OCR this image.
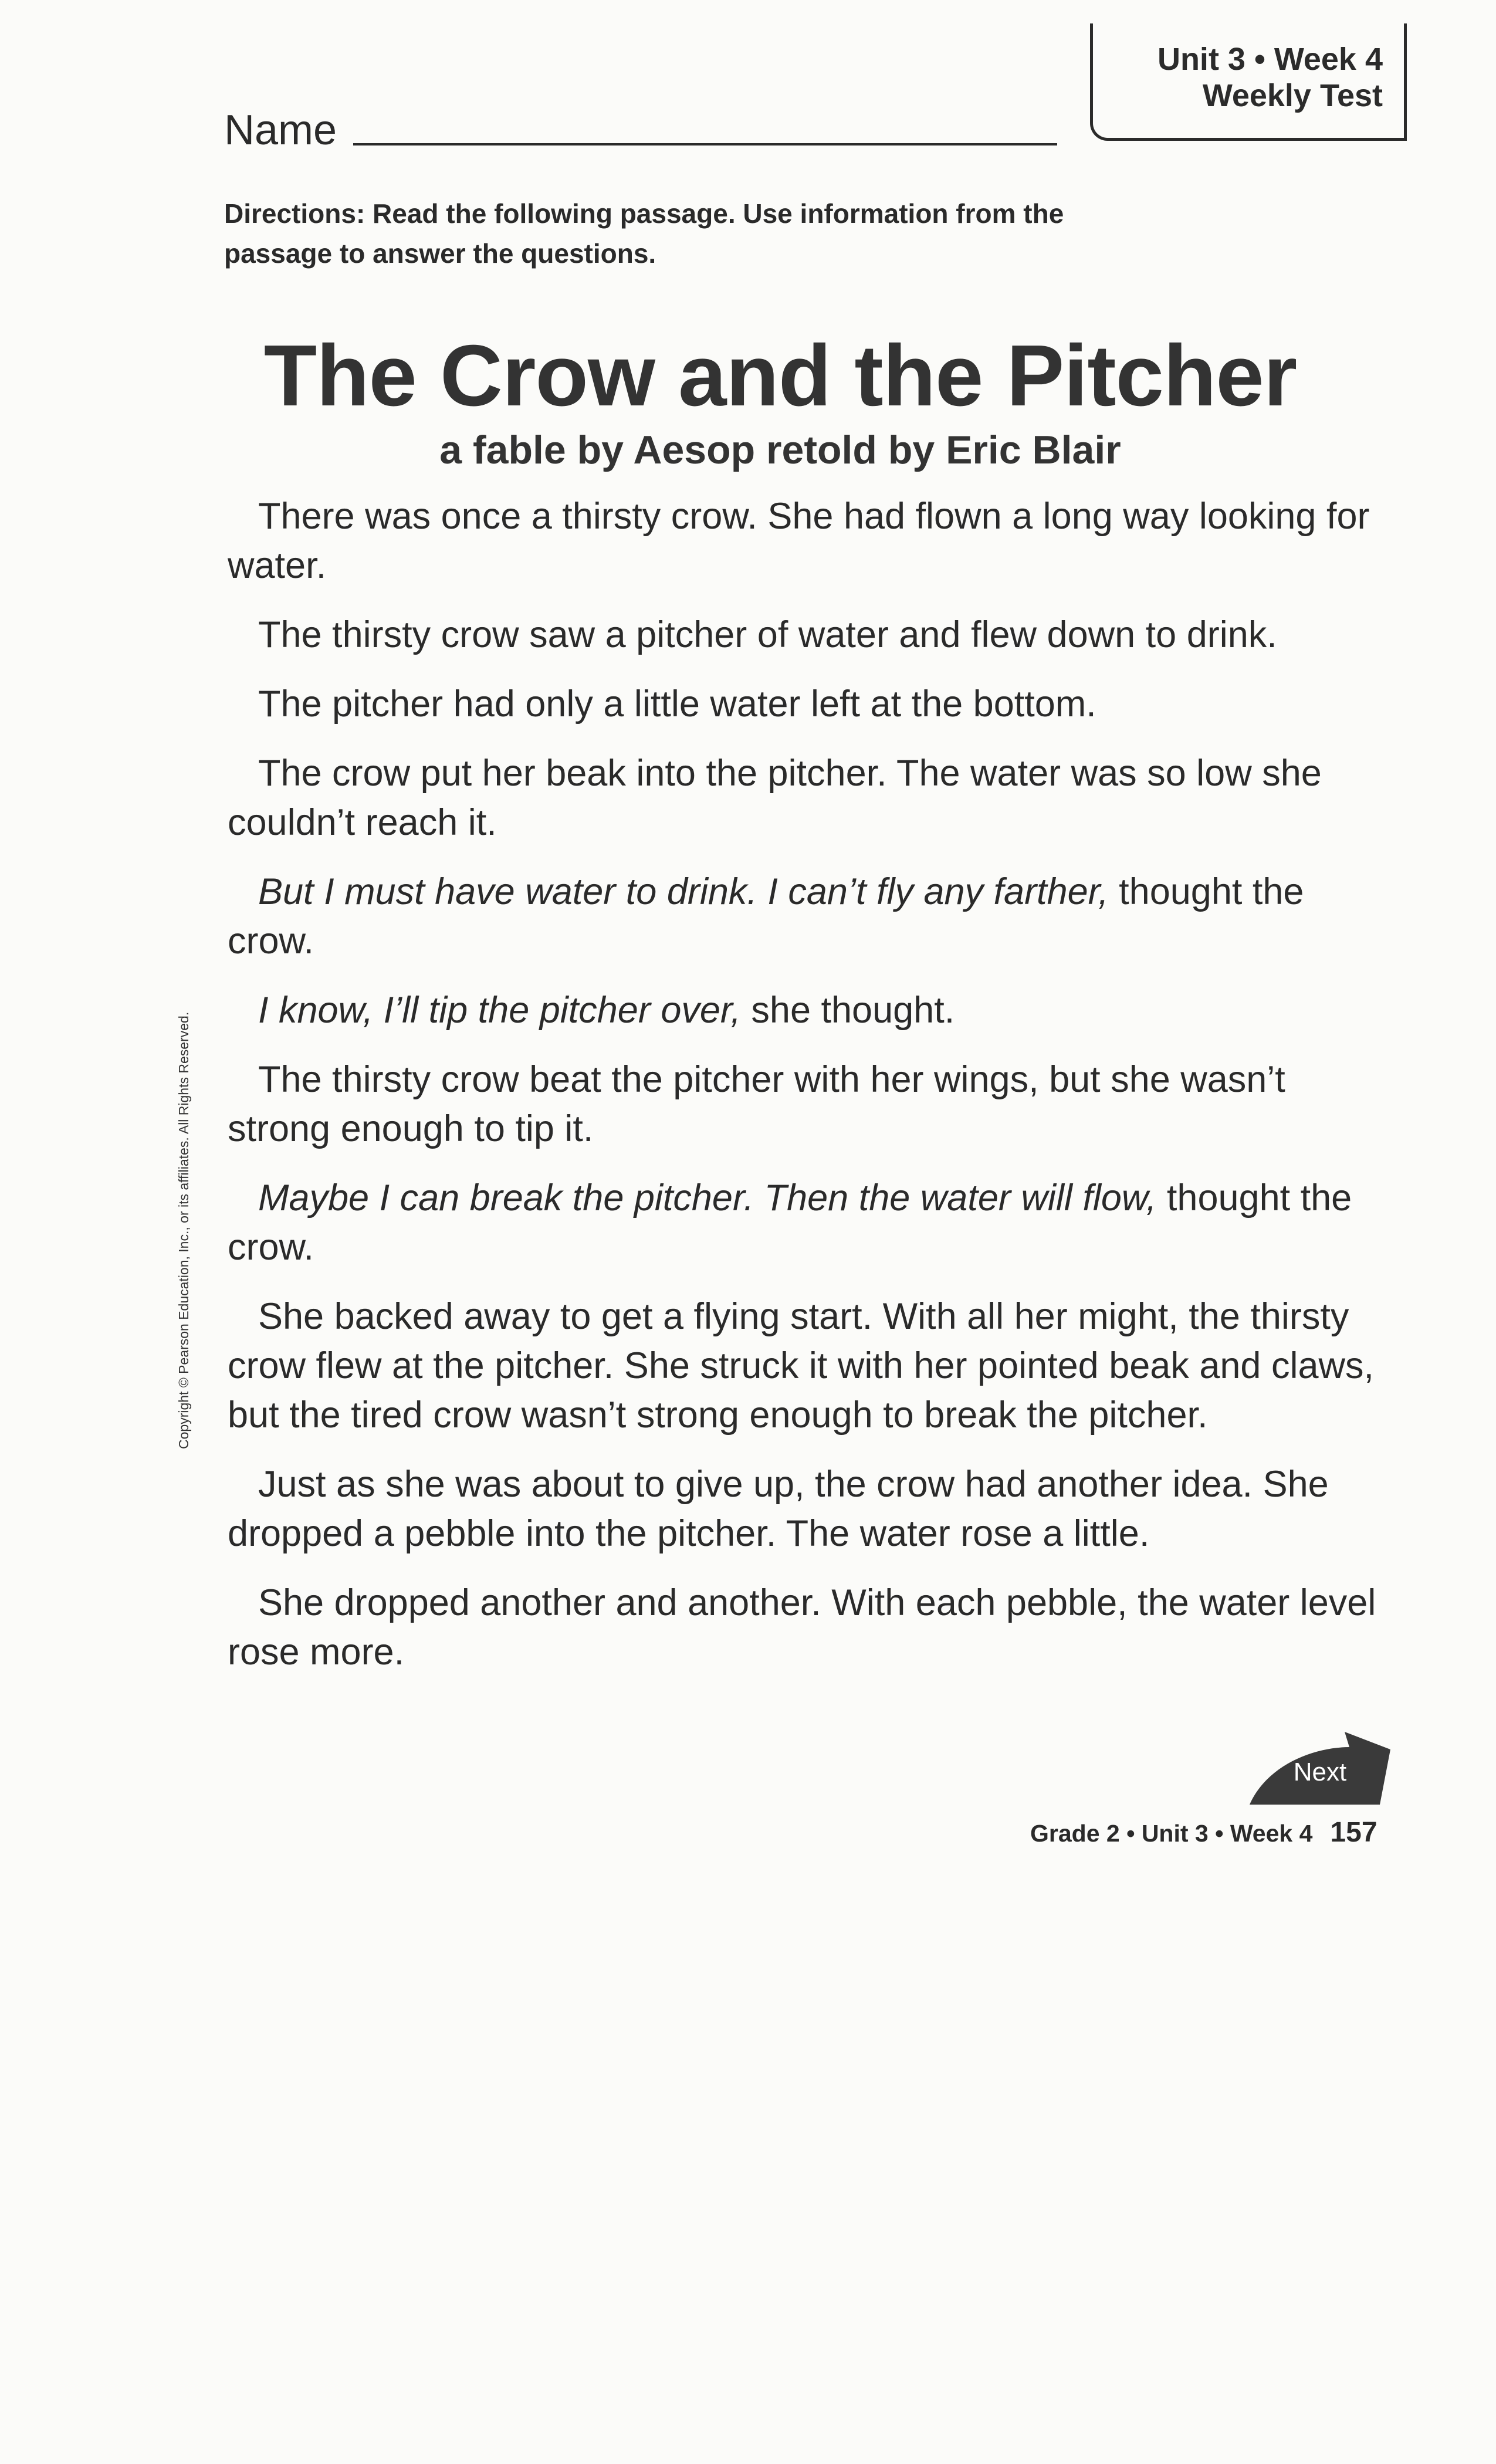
Unit 3 • Week 4
Weekly Test
Name
Directions: Read the following passage. Use information from the passage to answer the questions.
The Crow and the Pitcher
a fable by Aesop retold by Eric Blair

There was once a thirsty crow. She had flown a long way looking for water.

The thirsty crow saw a pitcher of water and flew down to drink.

The pitcher had only a little water left at the bottom.

The crow put her beak into the pitcher. The water was so low she couldn’t reach it.

But I must have water to drink. I can’t fly any farther, thought the crow.

I know, I’ll tip the pitcher over, she thought.

The thirsty crow beat the pitcher with her wings, but she wasn’t strong enough to tip it.

Maybe I can break the pitcher. Then the water will flow, thought the crow.

She backed away to get a flying start. With all her might, the thirsty crow flew at the pitcher. She struck it with her pointed beak and claws, but the tired crow wasn’t strong enough to break the pitcher.

Just as she was about to give up, the crow had another idea. She dropped a pebble into the pitcher. The water rose a little.

She dropped another and another. With each pebble, the water level rose more.

Copyright © Pearson Education, Inc., or its affiliates. All Rights Reserved.
Next
Grade 2 • Unit 3 • Week 4 157
